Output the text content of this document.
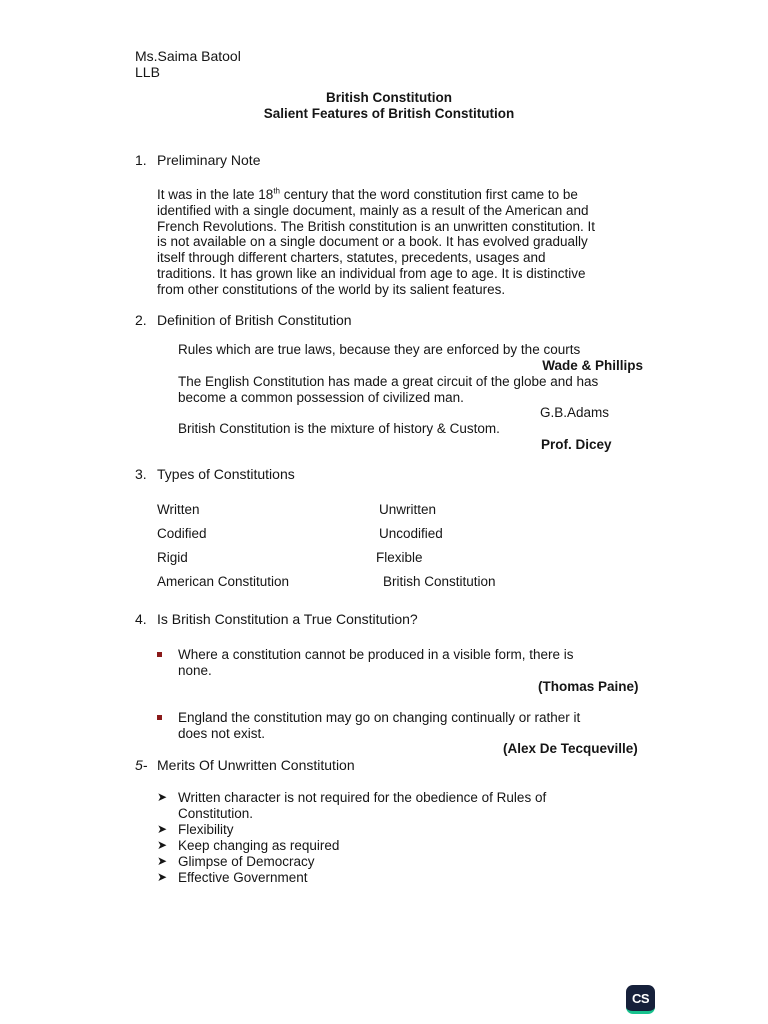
Ms.Saima Batool
LLB
British Constitution
Salient Features of British Constitution
1. Preliminary Note
It was in the late 18th century that the word constitution first came to be
identified with a single document, mainly as a result of the American and
French Revolutions. The British constitution is an unwritten constitution. It
is not available on a single document or a book. It has evolved gradually
itself through different charters, statutes, precedents, usages and
traditions. It has grown like an individual from age to age. It is distinctive
from other constitutions of the world by its salient features.
2. Definition of British Constitution
Rules which are true laws, because they are enforced by the courts
Wade & Phillips
The English Constitution has made a great circuit of the globe and has
become a common possession of civilized man.
G.B.Adams
British Constitution is the mixture of history & Custom.
Prof. Dicey
3. Types of Constitutions
Written	Unwritten
Codified	Uncodified
Rigid	Flexible
American Constitution	British Constitution
4. Is British Constitution a True Constitution?
Where a constitution cannot be produced in a visible form, there is
none.
(Thomas Paine)
England the constitution may go on changing continually or rather it
does not exist.
(Alex De Tecqueville)
5- Merits Of Unwritten Constitution
➤ Written character is not required for the obedience of Rules of
Constitution.
➤ Flexibility
➤ Keep changing as required
➤ Glimpse of Democracy
➤ Effective Government
CS
